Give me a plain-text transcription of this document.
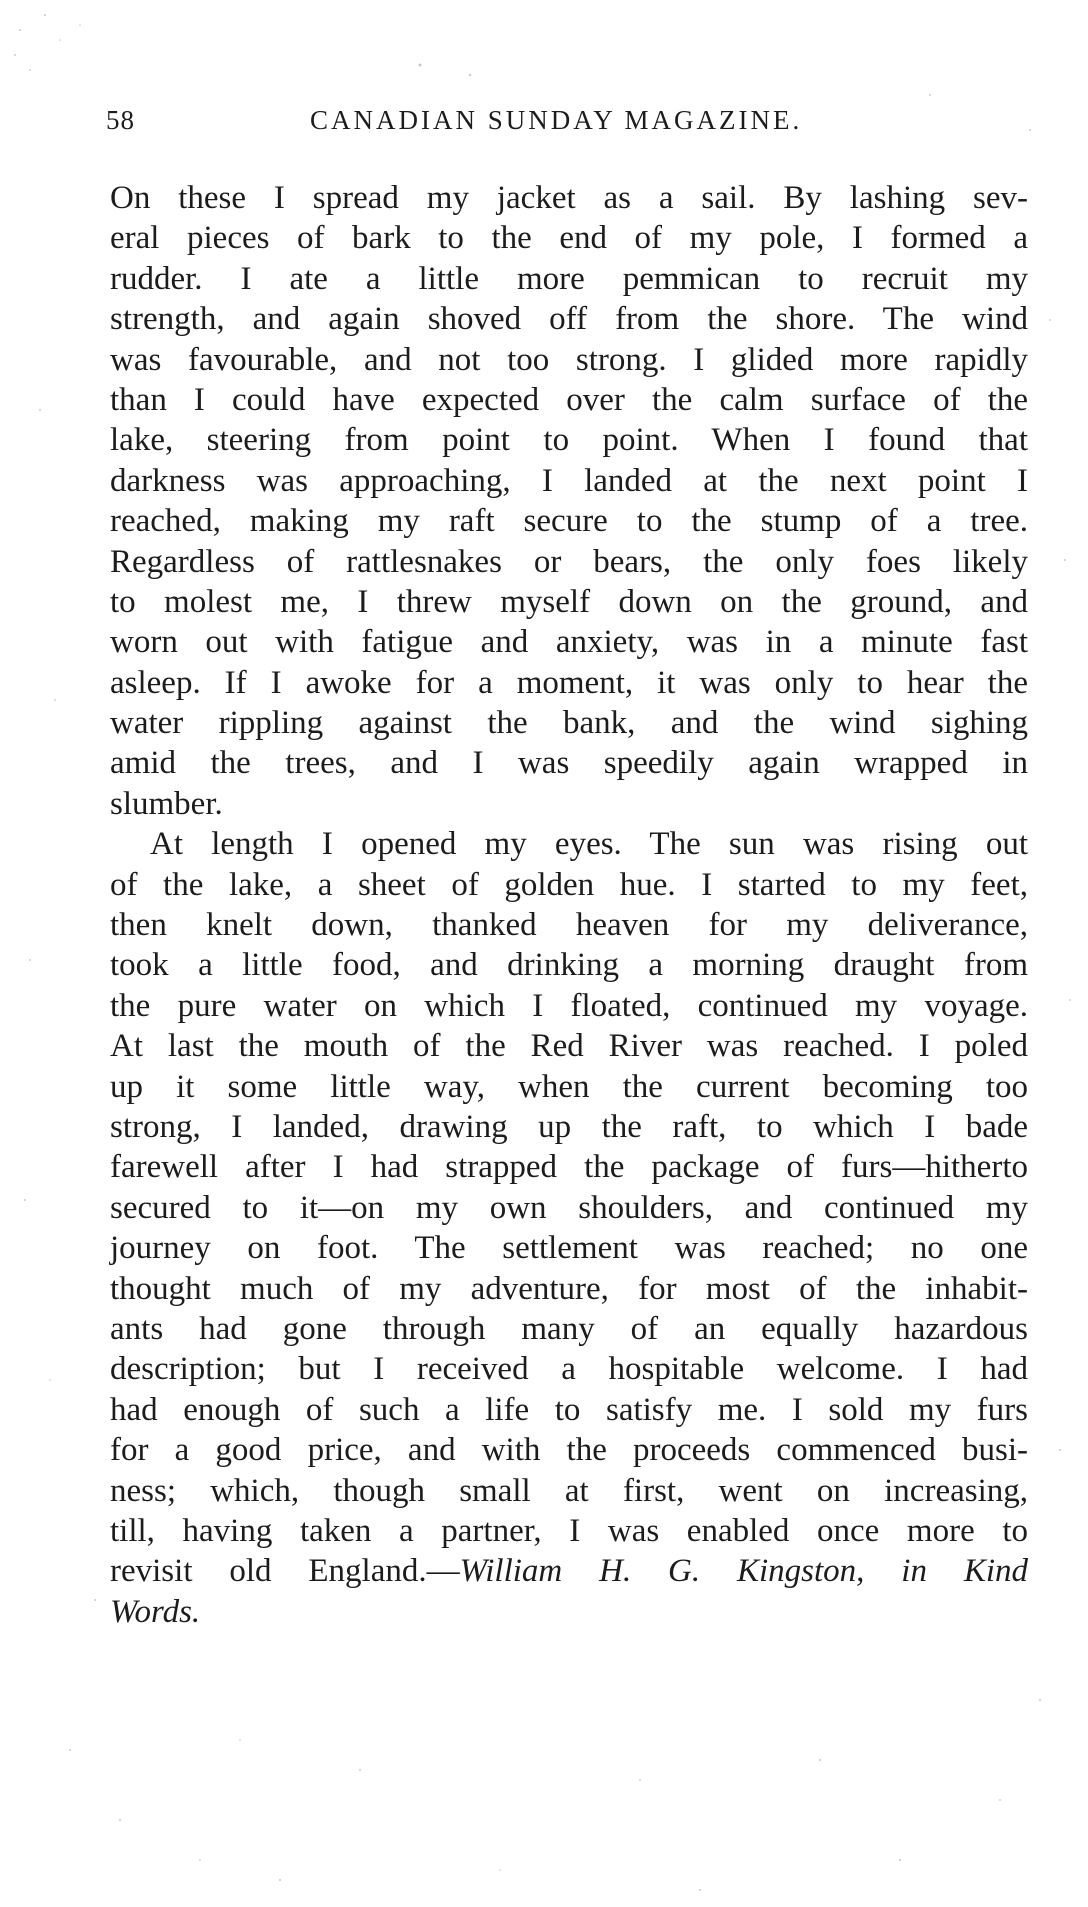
58	CANADIAN SUNDAY MAGAZINE.
On these I spread my jacket as a sail. By lashing sev-
eral pieces of bark to the end of my pole, I formed a
rudder. I ate a little more pemmican to recruit my
strength, and again shoved off from the shore. The wind
was favourable, and not too strong. I glided more rapidly
than I could have expected over the calm surface of the
lake, steering from point to point. When I found that
darkness was approaching, I landed at the next point I
reached, making my raft secure to the stump of a tree.
Regardless of rattlesnakes or bears, the only foes likely
to molest me, I threw myself down on the ground, and
worn out with fatigue and anxiety, was in a minute fast
asleep. If I awoke for a moment, it was only to hear the
water rippling against the bank, and the wind sighing
amid the trees, and I was speedily again wrapped in
slumber.
At length I opened my eyes. The sun was rising out
of the lake, a sheet of golden hue. I started to my feet,
then knelt down, thanked heaven for my deliverance,
took a little food, and drinking a morning draught from
the pure water on which I floated, continued my voyage.
At last the mouth of the Red River was reached. I poled
up it some little way, when the current becoming too
strong, I landed, drawing up the raft, to which I bade
farewell after I had strapped the package of furs—hitherto
secured to it—on my own shoulders, and continued my
journey on foot. The settlement was reached; no one
thought much of my adventure, for most of the inhabit-
ants had gone through many of an equally hazardous
description; but I received a hospitable welcome. I had
had enough of such a life to satisfy me. I sold my furs
for a good price, and with the proceeds commenced busi-
ness; which, though small at first, went on increasing,
till, having taken a partner, I was enabled once more to
revisit old England.—William H. G. Kingston, in Kind
Words.
